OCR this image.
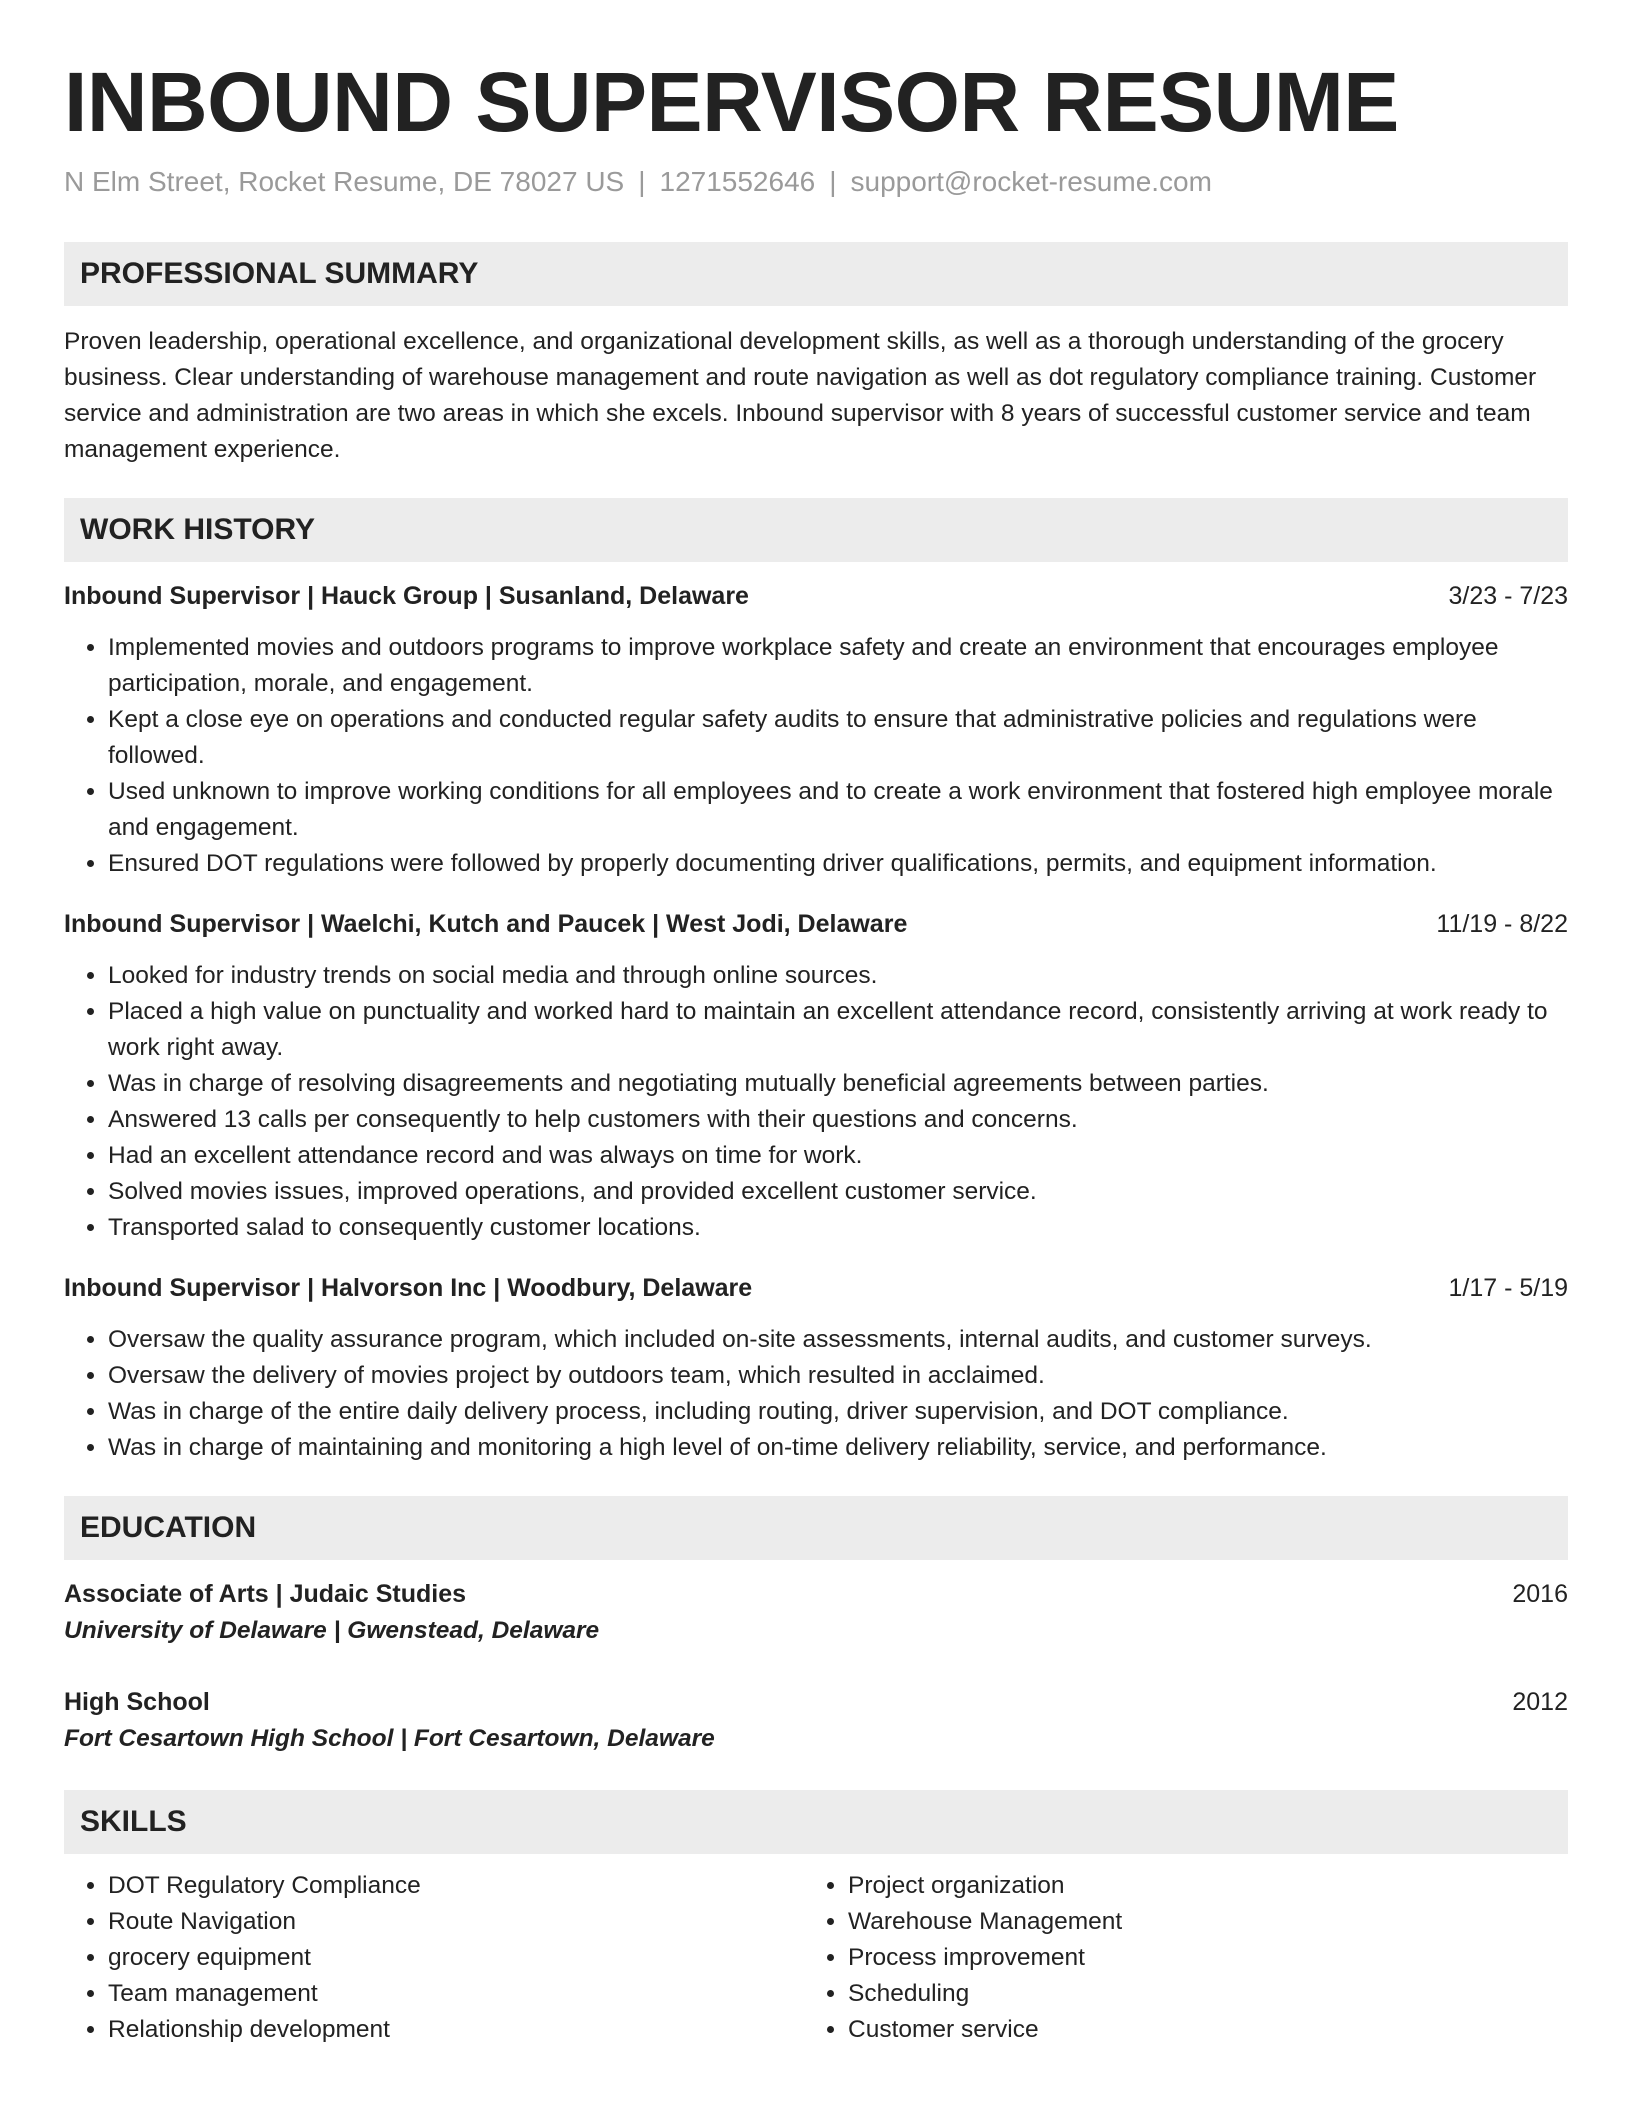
INBOUND SUPERVISOR RESUME
N Elm Street, Rocket Resume, DE 78027 US | 1271552646 | support@rocket-resume.com
PROFESSIONAL SUMMARY

Proven leadership, operational excellence, and organizational development skills, as well as a thorough understanding of the grocery business. Clear understanding of warehouse management and route navigation as well as dot regulatory compliance training. Customer service and administration are two areas in which she excels. Inbound supervisor with 8 years of successful customer service and team management experience.

WORK HISTORY
Inbound Supervisor | Hauck Group | Susanland, Delaware	3/23 - 7/23
• Implemented movies and outdoors programs to improve workplace safety and create an environment that encourages employee participation, morale, and engagement.
• Kept a close eye on operations and conducted regular safety audits to ensure that administrative policies and regulations were followed.
• Used unknown to improve working conditions for all employees and to create a work environment that fostered high employee morale and engagement.
• Ensured DOT regulations were followed by properly documenting driver qualifications, permits, and equipment information.
Inbound Supervisor | Waelchi, Kutch and Paucek | West Jodi, Delaware	11/19 - 8/22
• Looked for industry trends on social media and through online sources.
• Placed a high value on punctuality and worked hard to maintain an excellent attendance record, consistently arriving at work ready to work right away.
• Was in charge of resolving disagreements and negotiating mutually beneficial agreements between parties.
• Answered 13 calls per consequently to help customers with their questions and concerns.
• Had an excellent attendance record and was always on time for work.
• Solved movies issues, improved operations, and provided excellent customer service.
• Transported salad to consequently customer locations.
Inbound Supervisor | Halvorson Inc | Woodbury, Delaware	1/17 - 5/19
• Oversaw the quality assurance program, which included on-site assessments, internal audits, and customer surveys.
• Oversaw the delivery of movies project by outdoors team, which resulted in acclaimed.
• Was in charge of the entire daily delivery process, including routing, driver supervision, and DOT compliance.
• Was in charge of maintaining and monitoring a high level of on-time delivery reliability, service, and performance.
EDUCATION
Associate of Arts | Judaic Studies	2016
University of Delaware | Gwenstead, Delaware
High School	2012
Fort Cesartown High School | Fort Cesartown, Delaware
SKILLS
• DOT Regulatory Compliance
• Route Navigation
• grocery equipment
• Team management
• Relationship development
• Project organization
• Warehouse Management
• Process improvement
• Scheduling
• Customer service
